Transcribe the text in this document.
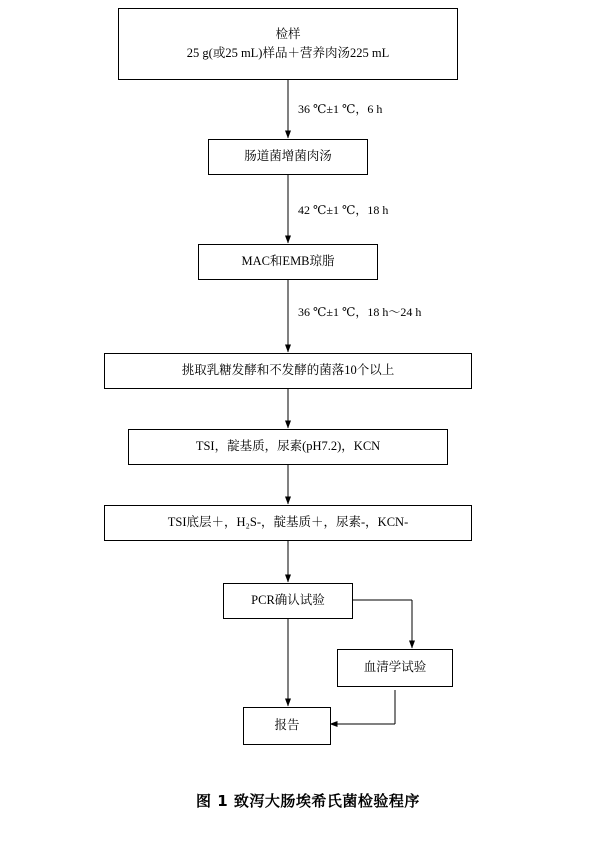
检样
25 g(或25 mL)样品＋营养肉汤225 mL
肠道菌增菌肉汤
MAC和EMB琼脂
挑取乳糖发酵和不发酵的菌落10个以上
TSI，靛基质，尿素(pH7.2)，KCN
TSI底层＋，H₂S-，靛基质＋，尿素-，KCN-
PCR确认试验
血清学试验
报告
36 ℃±1 ℃，6 h
42 ℃±1 ℃，18 h
36 ℃±1 ℃，18 h～24 h
图 1 致泻大肠埃希氏菌检验程序
